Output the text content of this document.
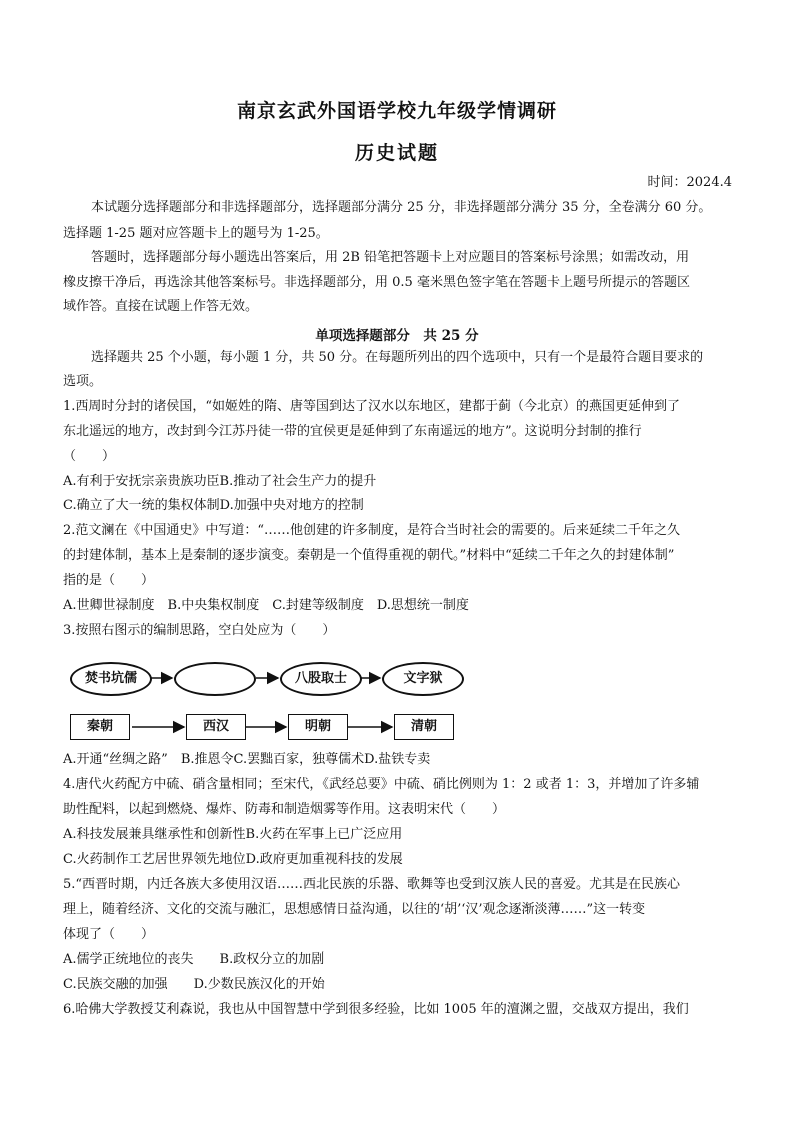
南京玄武外国语学校九年级学情调研
历史试题
时间：2024.4
本试题分选择题部分和非选择题部分，选择题部分满分 25 分，非选择题部分满分 35 分，全卷满分 60 分。
选择题 1-25 题对应答题卡上的题号为 1-25。
答题时，选择题部分每小题选出答案后，用 2B 铅笔把答题卡上对应题目的答案标号涂黑；如需改动，用
橡皮擦干净后，再选涂其他答案标号。非选择题部分，用 0.5 毫米黑色签字笔在答题卡上题号所提示的答题区
域作答。直接在试题上作答无效。
单项选择题部分　共 25 分
选择题共 25 个小题，每小题 1 分，共 50 分。在每题所列出的四个选项中，只有一个是最符合题目要求的
选项。
1.西周时分封的诸侯国，“如姬姓的隋、唐等国到达了汉水以东地区，建都于蓟（今北京）的燕国更延伸到了
东北遥远的地方，改封到今江苏丹徒一带的宜侯更是延伸到了东南遥远的地方”。这说明分封制的推行
（　　）
A.有利于安抚宗亲贵族功臣B.推动了社会生产力的提升
C.确立了大一统的集权体制D.加强中央对地方的控制
2.范文澜在《中国通史》中写道：“……他创建的许多制度，是符合当时社会的需要的。后来延续二千年之久
的封建体制，基本上是秦制的逐步演变。秦朝是一个值得重视的朝代。”材料中“延续二千年之久的封建体制”
指的是（　　）
A.世卿世禄制度　B.中央集权制度　C.封建等级制度　D.思想统一制度
3.按照右图示的编制思路，空白处应为（　　）
焚书坑儒	八股取士	文字狱
秦朝	西汉	明朝	清朝
A.开通“丝绸之路”　B.推恩令C.罢黜百家，独尊儒术D.盐铁专卖
4.唐代火药配方中硫、硝含量相同；至宋代，《武经总要》中硫、硝比例则为 1：2 或者 1：3，并增加了许多辅
助性配料，以起到燃烧、爆炸、防毒和制造烟雾等作用。这表明宋代（　　）
A.科技发展兼具继承性和创新性B.火药在军事上已广泛应用
C.火药制作工艺居世界领先地位D.政府更加重视科技的发展
5.“西晋时期，内迁各族大多使用汉语……西北民族的乐器、歌舞等也受到汉族人民的喜爱。尤其是在民族心
理上，随着经济、文化的交流与融汇，思想感情日益沟通，以往的‘胡’‘汉’观念逐渐淡薄……”这一转变
体现了（　　）
A.儒学正统地位的丧失　　B.政权分立的加剧
C.民族交融的加强　　D.少数民族汉化的开始
6.哈佛大学教授艾利森说，我也从中国智慧中学到很多经验，比如 1005 年的澶渊之盟，交战双方提出，我们
